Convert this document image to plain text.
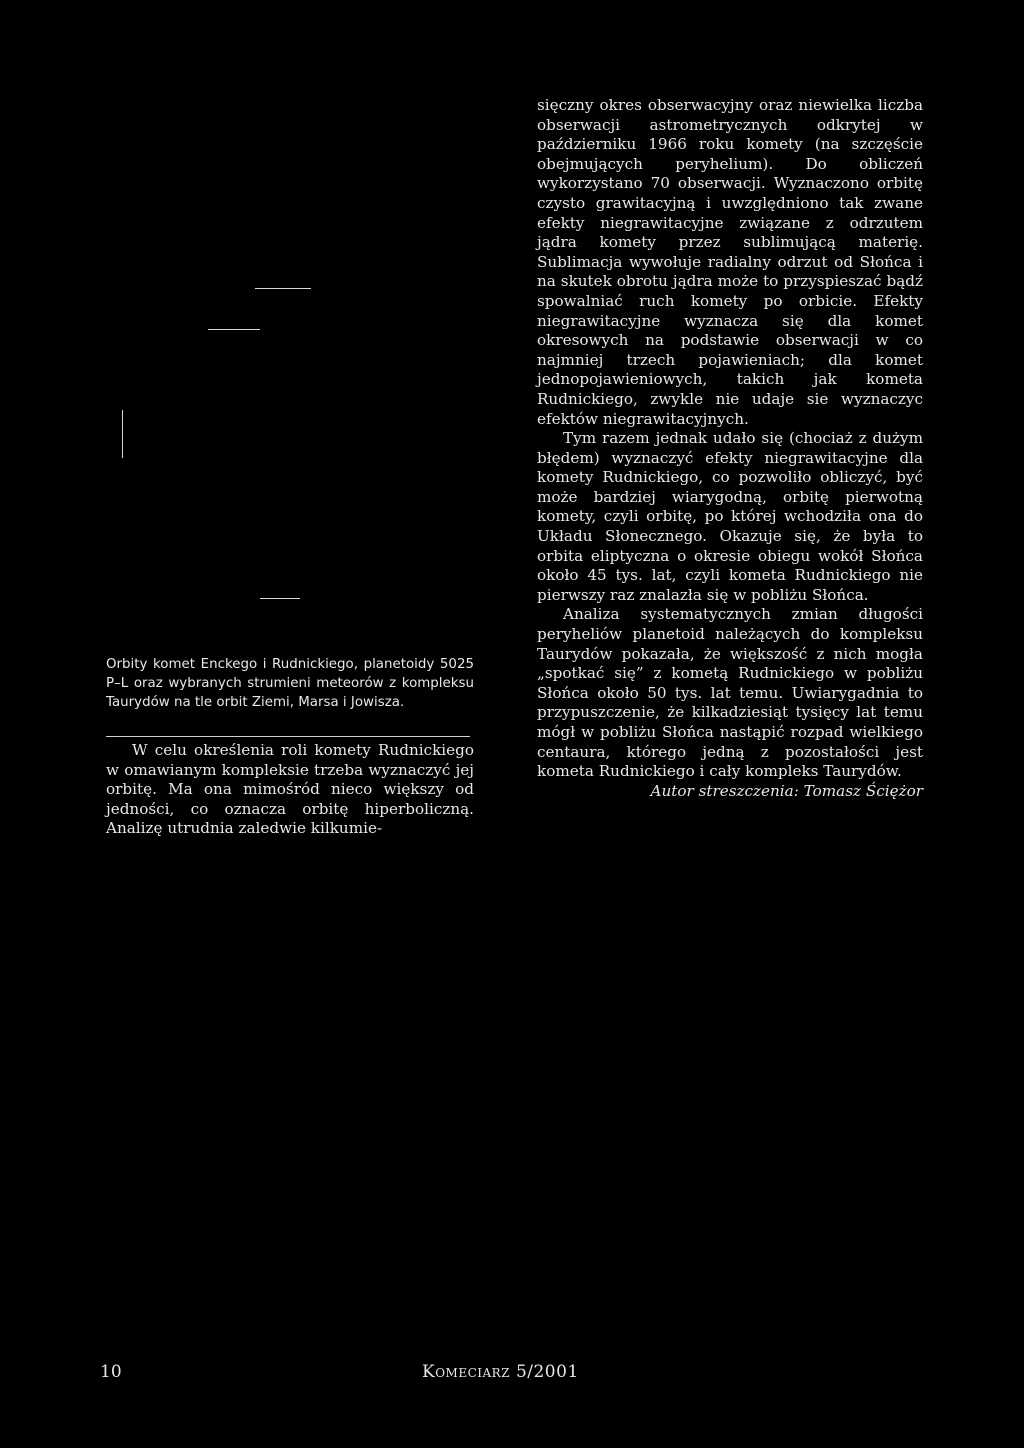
Orbity komet Enckego i Rudnickiego, planetoidy 5025 P–L oraz wybranych strumieni meteorów z kompleksu Taurydów na tle orbit Ziemi, Marsa i Jowisza.

W celu określenia roli komety Rudnickiego w omawianym kompleksie trzeba wyznaczyć jej orbitę. Ma ona mimośród nieco większy od jedności, co oznacza orbitę hiperboliczną. Analizę utrudnia zaledwie kilkumie-

sięczny okres obserwacyjny oraz niewielka liczba obserwacji astrometrycznych odkrytej w październiku 1966 roku komety (na szczęście obejmujących peryhelium). Do obliczeń wykorzystano 70 obserwacji. Wyznaczono orbitę czysto grawitacyjną i uwzględniono tak zwane efekty niegrawitacyjne związane z odrzutem jądra komety przez sublimującą materię. Sublimacja wywołuje radialny odrzut od Słońca i na skutek obrotu jądra może to przyspieszać bądź spowalniać ruch komety po orbicie. Efekty niegrawitacyjne wyznacza się dla komet okresowych na podstawie obserwacji w co najmniej trzech pojawieniach; dla komet jednopojawieniowych, takich jak kometa Rudnickiego, zwykle nie udaje sie wyznaczyc efektów niegrawitacyjnych.

Tym razem jednak udało się (chociaż z dużym błędem) wyznaczyć efekty niegrawitacyjne dla komety Rudnickiego, co pozwoliło obliczyć, być może bardziej wiarygodną, orbitę pierwotną komety, czyli orbitę, po której wchodziła ona do Układu Słonecznego. Okazuje się, że była to orbita eliptyczna o okresie obiegu wokół Słońca około 45 tys. lat, czyli kometa Rudnickiego nie pierwszy raz znalazła się w pobliżu Słońca.

Analiza systematycznych zmian długości peryheliów planetoid należących do kompleksu Taurydów pokazała, że większość z nich mogła „spotkać się” z kometą Rudnickiego w pobliżu Słońca około 50 tys. lat temu. Uwiarygadnia to przypuszczenie, że kilkadziesiąt tysięcy lat temu mógł w pobliżu Słońca nastąpić rozpad wielkiego centaura, którego jedną z pozostałości jest kometa Rudnickiego i cały kompleks Taurydów.

Autor streszczenia: Tomasz Ściężor

10	Komeciarz 5/2001
